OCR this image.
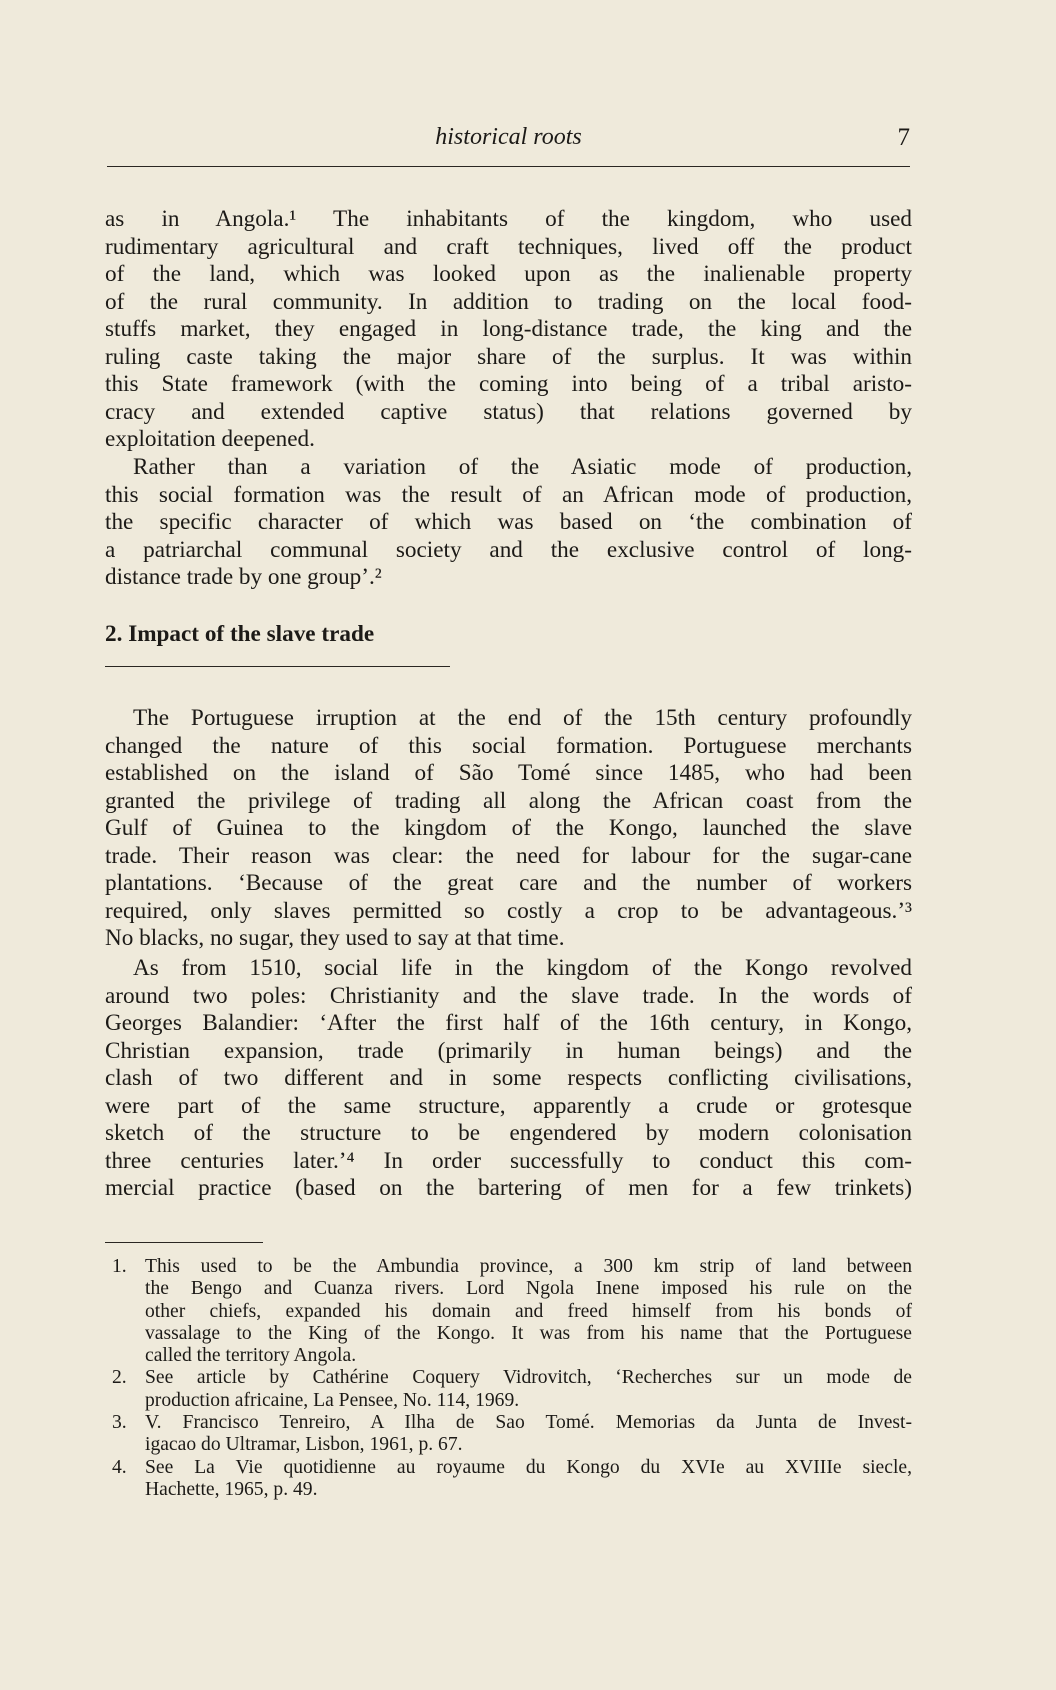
historical roots	7
as in Angola.¹ The inhabitants of the kingdom, who used
rudimentary agricultural and craft techniques, lived off the product
of the land, which was looked upon as the inalienable property
of the rural community. In addition to trading on the local food-
stuffs market, they engaged in long-distance trade, the king and the
ruling caste taking the major share of the surplus. It was within
this State framework (with the coming into being of a tribal aristo-
cracy and extended captive status) that relations governed by
exploitation deepened.
Rather than a variation of the Asiatic mode of production,
this social formation was the result of an African mode of production,
the specific character of which was based on ‘the combination of
a patriarchal communal society and the exclusive control of long-
distance trade by one group’.²
2. Impact of the slave trade
The Portuguese irruption at the end of the 15th century profoundly
changed the nature of this social formation. Portuguese merchants
established on the island of São Tomé since 1485, who had been
granted the privilege of trading all along the African coast from the
Gulf of Guinea to the kingdom of the Kongo, launched the slave
trade. Their reason was clear: the need for labour for the sugar-cane
plantations. ‘Because of the great care and the number of workers
required, only slaves permitted so costly a crop to be advantageous.’³
No blacks, no sugar, they used to say at that time.
As from 1510, social life in the kingdom of the Kongo revolved
around two poles: Christianity and the slave trade. In the words of
Georges Balandier: ‘After the first half of the 16th century, in Kongo,
Christian expansion, trade (primarily in human beings) and the
clash of two different and in some respects conflicting civilisations,
were part of the same structure, apparently a crude or grotesque
sketch of the structure to be engendered by modern colonisation
three centuries later.’⁴ In order successfully to conduct this com-
mercial practice (based on the bartering of men for a few trinkets)
1. This used to be the Ambundia province, a 300 km strip of land between
the Bengo and Cuanza rivers. Lord Ngola Inene imposed his rule on the
other chiefs, expanded his domain and freed himself from his bonds of
vassalage to the King of the Kongo. It was from his name that the Portuguese
called the territory Angola.
2. See article by Cathérine Coquery Vidrovitch, ‘Recherches sur un mode de
production africaine, La Pensee, No. 114, 1969.
3. V. Francisco Tenreiro, A Ilha de Sao Tomé. Memorias da Junta de Invest-
igacao do Ultramar, Lisbon, 1961, p. 67.
4. See La Vie quotidienne au royaume du Kongo du XVIe au XVIIIe siecle,
Hachette, 1965, p. 49.
